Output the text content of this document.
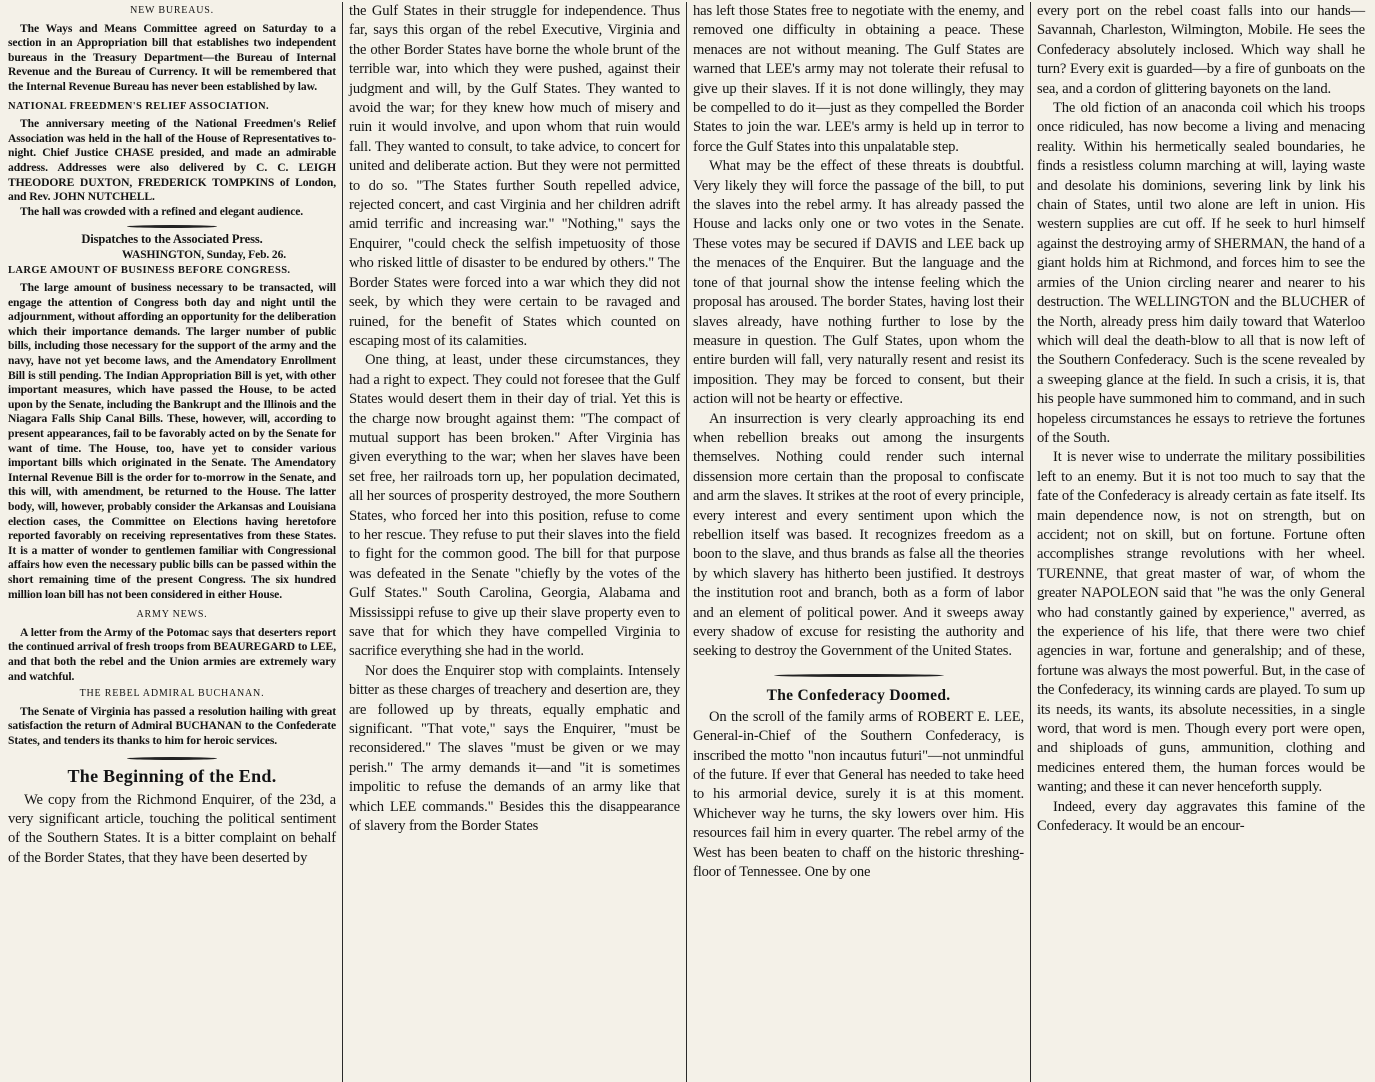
NEW BUREAUS.

The Ways and Means Committee agreed on Saturday to a section in an Appropriation bill that establishes two independent bureaus in the Treasury Department—the Bureau of Internal Revenue and the Bureau of Currency. It will be remembered that the Internal Revenue Bureau has never been established by law.

NATIONAL FREEDMEN'S RELIEF ASSOCIATION.

The anniversary meeting of the National Freedmen's Relief Association was held in the hall of the House of Representatives to-night. Chief Justice CHASE presided, and made an admirable address. Addresses were also delivered by C. C. LEIGH THEODORE DUXTON, FREDERICK TOMPKINS of London, and Rev. JOHN NUTCHELL.

The hall was crowded with a refined and elegant audience.

Dispatches to the Associated Press.
WASHINGTON, Sunday, Feb. 26.
LARGE AMOUNT OF BUSINESS BEFORE CONGRESS.

The large amount of business necessary to be transacted, will engage the attention of Congress both day and night until the adjournment, without affording an opportunity for the deliberation which their importance demands. The larger number of public bills, including those necessary for the support of the army and the navy, have not yet become laws, and the Amendatory Enrollment Bill is still pending. The Indian Appropriation Bill is yet, with other important measures, which have passed the House, to be acted upon by the Senate, including the Bankrupt and the Illinois and the Niagara Falls Ship Canal Bills. These, however, will, according to present appearances, fail to be favorably acted on by the Senate for want of time. The House, too, have yet to consider various important bills which originated in the Senate. The Amendatory Internal Revenue Bill is the order for to-morrow in the Senate, and this will, with amendment, be returned to the House. The latter body, will, however, probably consider the Arkansas and Louisiana election cases, the Committee on Elections having heretofore reported favorably on receiving representatives from these States. It is a matter of wonder to gentlemen familiar with Congressional affairs how even the necessary public bills can be passed within the short remaining time of the present Congress. The six hundred million loan bill has not been considered in either House.

ARMY NEWS.

A letter from the Army of the Potomac says that deserters report the continued arrival of fresh troops from BEAUREGARD to LEE, and that both the rebel and the Union armies are extremely wary and watchful.

THE REBEL ADMIRAL BUCHANAN.

The Senate of Virginia has passed a resolution hailing with great satisfaction the return of Admiral BUCHANAN to the Confederate States, and tenders its thanks to him for heroic services.

The Beginning of the End.

We copy from the Richmond Enquirer, of the 23d, a very significant article, touching the political sentiment of the Southern States. It is a bitter complaint on behalf of the Border States, that they have been deserted by

the Gulf States in their struggle for independence. Thus far, says this organ of the rebel Executive, Virginia and the other Border States have borne the whole brunt of the terrible war, into which they were pushed, against their judgment and will, by the Gulf States. They wanted to avoid the war; for they knew how much of misery and ruin it would involve, and upon whom that ruin would fall. They wanted to consult, to take advice, to concert for united and deliberate action. But they were not permitted to do so. "The States further South repelled advice, rejected concert, and cast Virginia and her children adrift amid terrific and increasing war." "Nothing," says the Enquirer, "could check the selfish impetuosity of those who risked little of disaster to be endured by others." The Border States were forced into a war which they did not seek, by which they were certain to be ravaged and ruined, for the benefit of States which counted on escaping most of its calamities.

One thing, at least, under these circumstances, they had a right to expect. They could not foresee that the Gulf States would desert them in their day of trial. Yet this is the charge now brought against them: "The compact of mutual support has been broken." After Virginia has given everything to the war; when her slaves have been set free, her railroads torn up, her population decimated, all her sources of prosperity destroyed, the more Southern States, who forced her into this position, refuse to come to her rescue. They refuse to put their slaves into the field to fight for the common good. The bill for that purpose was defeated in the Senate "chiefly by the votes of the Gulf States." South Carolina, Georgia, Alabama and Mississippi refuse to give up their slave property even to save that for which they have compelled Virginia to sacrifice everything she had in the world.

Nor does the Enquirer stop with complaints. Intensely bitter as these charges of treachery and desertion are, they are followed up by threats, equally emphatic and significant. "That vote," says the Enquirer, "must be reconsidered." The slaves "must be given or we may perish." The army demands it—and "it is sometimes impolitic to refuse the demands of an army like that which LEE commands." Besides this the disappearance of slavery from the Border States

has left those States free to negotiate with the enemy, and removed one difficulty in obtaining a peace. These menaces are not without meaning. The Gulf States are warned that LEE's army may not tolerate their refusal to give up their slaves. If it is not done willingly, they may be compelled to do it—just as they compelled the Border States to join the war. LEE's army is held up in terror to force the Gulf States into this unpalatable step.

What may be the effect of these threats is doubtful. Very likely they will force the passage of the bill, to put the slaves into the rebel army. It has already passed the House and lacks only one or two votes in the Senate. These votes may be secured if DAVIS and LEE back up the menaces of the Enquirer. But the language and the tone of that journal show the intense feeling which the proposal has aroused. The border States, having lost their slaves already, have nothing further to lose by the measure in question. The Gulf States, upon whom the entire burden will fall, very naturally resent and resist its imposition. They may be forced to consent, but their action will not be hearty or effective.

An insurrection is very clearly approaching its end when rebellion breaks out among the insurgents themselves. Nothing could render such internal dissension more certain than the proposal to confiscate and arm the slaves. It strikes at the root of every principle, every interest and every sentiment upon which the rebellion itself was based. It recognizes freedom as a boon to the slave, and thus brands as false all the theories by which slavery has hitherto been justified. It destroys the institution root and branch, both as a form of labor and an element of political power. And it sweeps away every shadow of excuse for resisting the authority and seeking to destroy the Government of the United States.

The Confederacy Doomed.

On the scroll of the family arms of ROBERT E. LEE, General-in-Chief of the Southern Confederacy, is inscribed the motto "non incautus futuri"—not unmindful of the future. If ever that General has needed to take heed to his armorial device, surely it is at this moment. Whichever way he turns, the sky lowers over him. His resources fail him in every quarter. The rebel army of the West has been beaten to chaff on the historic threshing-floor of Tennessee. One by one

every port on the rebel coast falls into our hands—Savannah, Charleston, Wilmington, Mobile. He sees the Confederacy absolutely inclosed. Which way shall he turn? Every exit is guarded—by a fire of gunboats on the sea, and a cordon of glittering bayonets on the land.

The old fiction of an anaconda coil which his troops once ridiculed, has now become a living and menacing reality. Within his hermetically sealed boundaries, he finds a resistless column marching at will, laying waste and desolate his dominions, severing link by link his chain of States, until two alone are left in union. His western supplies are cut off. If he seek to hurl himself against the destroying army of SHERMAN, the hand of a giant holds him at Richmond, and forces him to see the armies of the Union circling nearer and nearer to his destruction. The WELLINGTON and the BLUCHER of the North, already press him daily toward that Waterloo which will deal the death-blow to all that is now left of the Southern Confederacy. Such is the scene revealed by a sweeping glance at the field. In such a crisis, it is, that his people have summoned him to command, and in such hopeless circumstances he essays to retrieve the fortunes of the South.

It is never wise to underrate the military possibilities left to an enemy. But it is not too much to say that the fate of the Confederacy is already certain as fate itself. Its main dependence now, is not on strength, but on accident; not on skill, but on fortune. Fortune often accomplishes strange revolutions with her wheel. TURENNE, that great master of war, of whom the greater NAPOLEON said that "he was the only General who had constantly gained by experience," averred, as the experience of his life, that there were two chief agencies in war, fortune and generalship; and of these, fortune was always the most powerful. But, in the case of the Confederacy, its winning cards are played. To sum up its needs, its wants, its absolute necessities, in a single word, that word is men. Though every port were open, and shiploads of guns, ammunition, clothing and medicines entered them, the human forces would be wanting; and these it can never henceforth supply.

Indeed, every day aggravates this famine of the Confederacy. It would be an encour-
